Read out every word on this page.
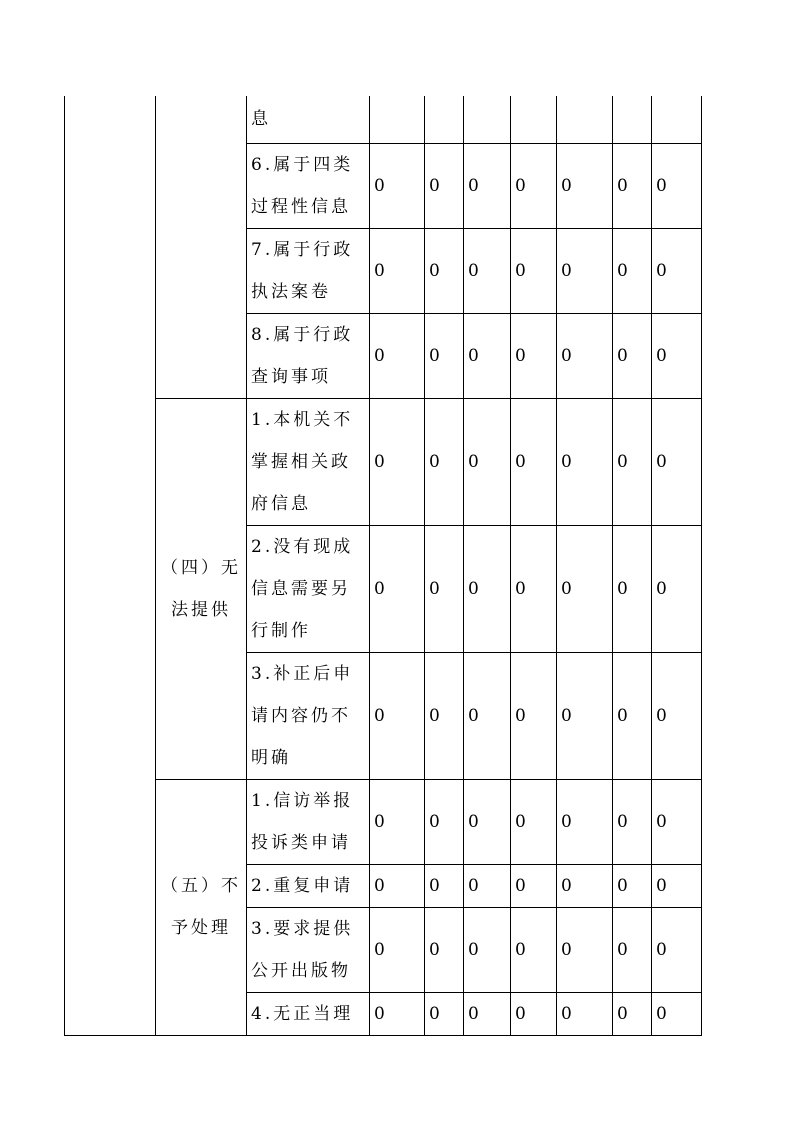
		息							
		6.属于四类过程性信息	0	0	0	0	0	0	0
		7.属于行政执法案卷	0	0	0	0	0	0	0
		8.属于行政查询事项	0	0	0	0	0	0	0
	（四）无法提供	1.本机关不掌握相关政府信息	0	0	0	0	0	0	0
		2.没有现成信息需要另行制作	0	0	0	0	0	0	0
		3.补正后申请内容仍不明确	0	0	0	0	0	0	0
	（五）不予处理	1.信访举报投诉类申请	0	0	0	0	0	0	0
		2.重复申请	0	0	0	0	0	0	0
		3.要求提供公开出版物	0	0	0	0	0	0	0
		4.无正当理	0	0	0	0	0	0	0
